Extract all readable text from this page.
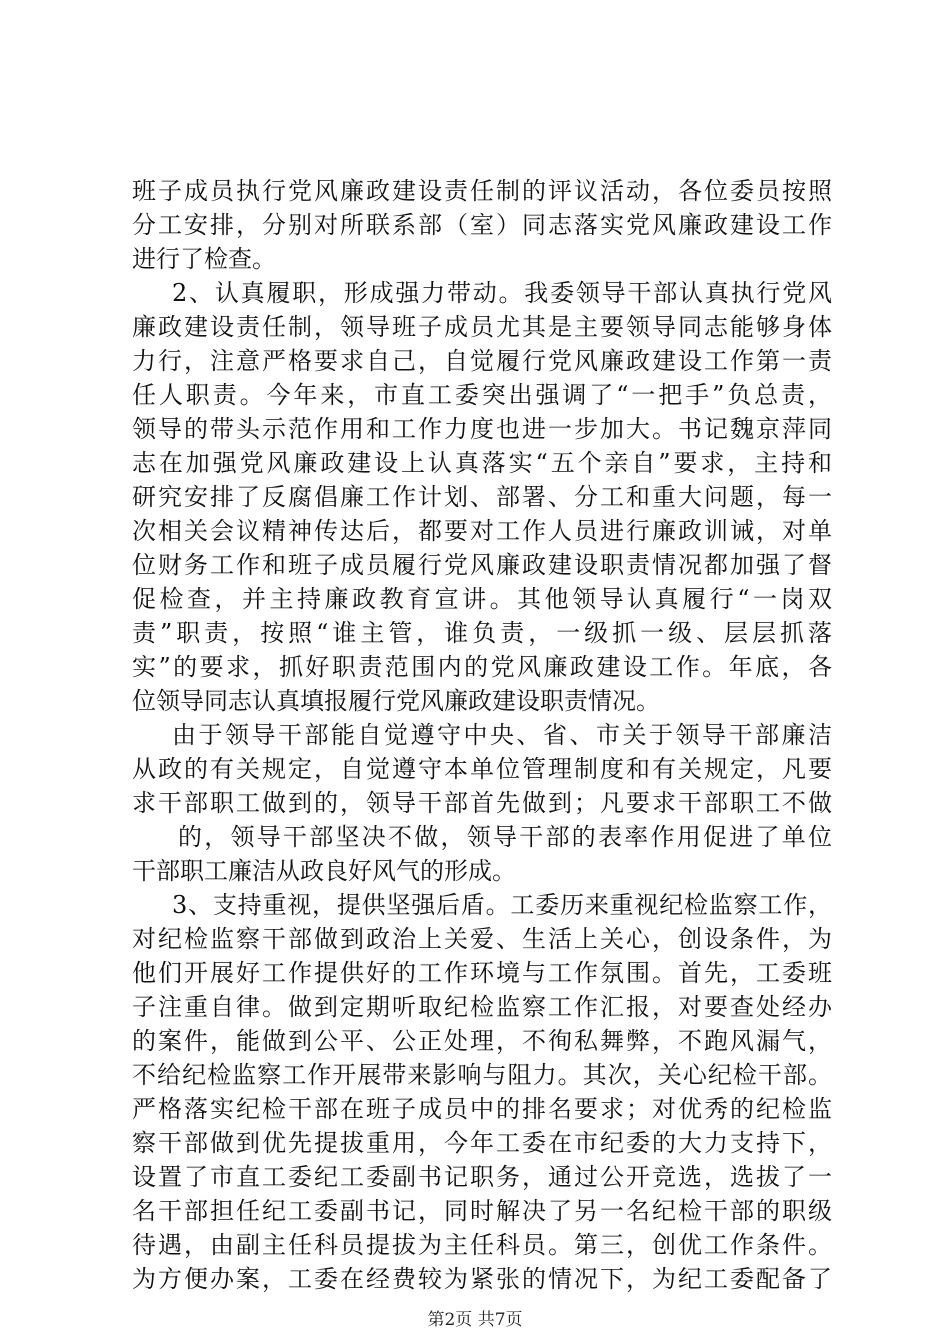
班子成员执行党风廉政建设责任制的评议活动，各位委员按照
分工安排，分别对所联系部（室）同志落实党风廉政建设工作
进行了检查。
2、认真履职，形成强力带动。我委领导干部认真执行党风
廉政建设责任制，领导班子成员尤其是主要领导同志能够身体
力行，注意严格要求自己，自觉履行党风廉政建设工作第一责
任人职责。今年来，市直工委突出强调了“一把手”负总责，
领导的带头示范作用和工作力度也进一步加大。书记魏京萍同
志在加强党风廉政建设上认真落实“五个亲自”要求，主持和
研究安排了反腐倡廉工作计划、部署、分工和重大问题，每一
次相关会议精神传达后，都要对工作人员进行廉政训诫，对单
位财务工作和班子成员履行党风廉政建设职责情况都加强了督
促检查，并主持廉政教育宣讲。其他领导认真履行“一岗双
责”职责，按照“谁主管，谁负责，一级抓一级、层层抓落
实”的要求，抓好职责范围内的党风廉政建设工作。年底，各
位领导同志认真填报履行党风廉政建设职责情况。
由于领导干部能自觉遵守中央、省、市关于领导干部廉洁
从政的有关规定，自觉遵守本单位管理制度和有关规定，凡要
求干部职工做到的，领导干部首先做到；凡要求干部职工不做
的，领导干部坚决不做，领导干部的表率作用促进了单位
干部职工廉洁从政良好风气的形成。
3、支持重视，提供坚强后盾。工委历来重视纪检监察工作，
对纪检监察干部做到政治上关爱、生活上关心，创设条件，为
他们开展好工作提供好的工作环境与工作氛围。首先，工委班
子注重自律。做到定期听取纪检监察工作汇报，对要查处经办
的案件，能做到公平、公正处理，不徇私舞弊，不跑风漏气，
不给纪检监察工作开展带来影响与阻力。其次，关心纪检干部。
严格落实纪检干部在班子成员中的排名要求；对优秀的纪检监
察干部做到优先提拔重用，今年工委在市纪委的大力支持下，
设置了市直工委纪工委副书记职务，通过公开竞选，选拔了一
名干部担任纪工委副书记，同时解决了另一名纪检干部的职级
第2页 共7页
待遇，由副主任科员提拔为主任科员。第三，创优工作条件。
为方便办案，工委在经费较为紧张的情况下，为纪工委配备了
